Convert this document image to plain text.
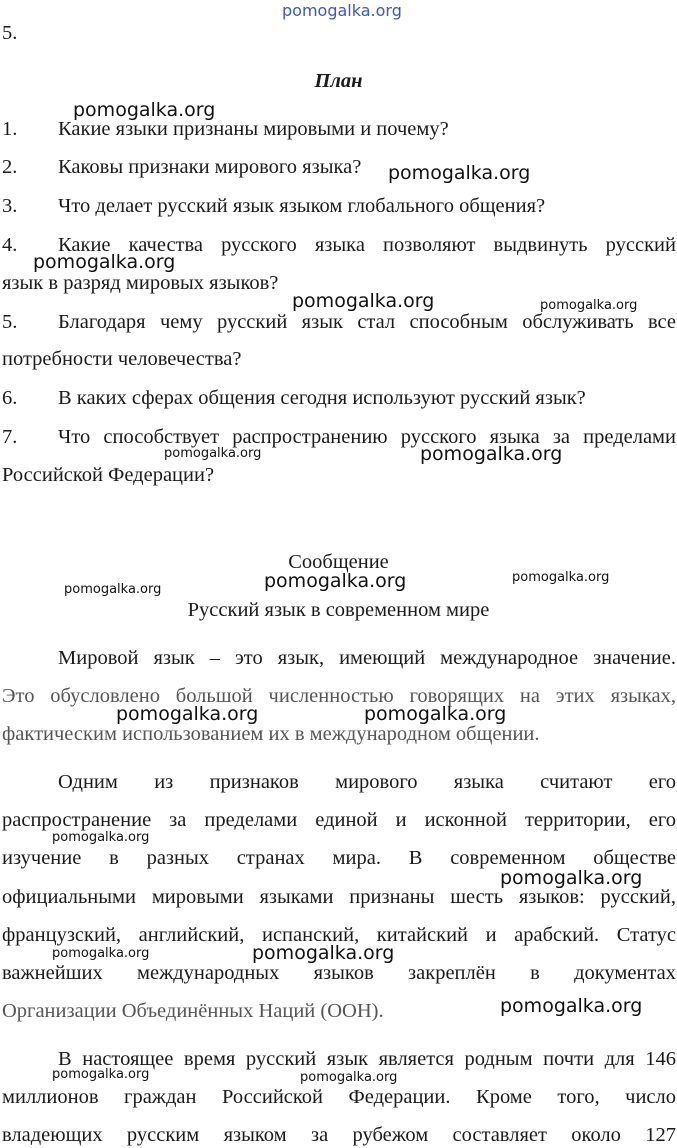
pomogalka.org
5.
План
1. Какие языки признаны мировыми и почему?
2. Каковы признаки мирового языка?
3. Что делает русский язык языком глобального общения?
4. Какие качества русского языка позволяют выдвинуть русский
язык в разряд мировых языков?
5. Благодаря чему русский язык стал способным обслуживать все
потребности человечества?
6. В каких сферах общения сегодня используют русский язык?
7. Что способствует распространению русского языка за пределами
Российской Федерации?
Сообщение
Русский язык в современном мире
Мировой язык – это язык, имеющий международное значение.
Это обусловлено большой численностью говорящих на этих языках,
фактическим использованием их в международном общении.
Одним из признаков мирового языка считают его
распространение за пределами единой и исконной территории, его
изучение в разных странах мира. В современном обществе
официальными мировыми языками признаны шесть языков: русский,
французский, английский, испанский, китайский и арабский. Статус
важнейших международных языков закреплён в документах
Организации Объединённых Наций (ООН).
В настоящее время русский язык является родным почти для 146
миллионов граждан Российской Федерации. Кроме того, число
владеющих русским языком за рубежом составляет около 127
pomogalka.org
pomogalka.org
pomogalka.org
pomogalka.org	pomogalka.org
pomogalka.org	pomogalka.org
pomogalka.org
pomogalka.org
pomogalka.org
pomogalka.org	pomogalka.org
pomogalka.org
pomogalka.org
pomogalka.org
pomogalka.org
pomogalka.org
pomogalka.org	pomogalka.org
